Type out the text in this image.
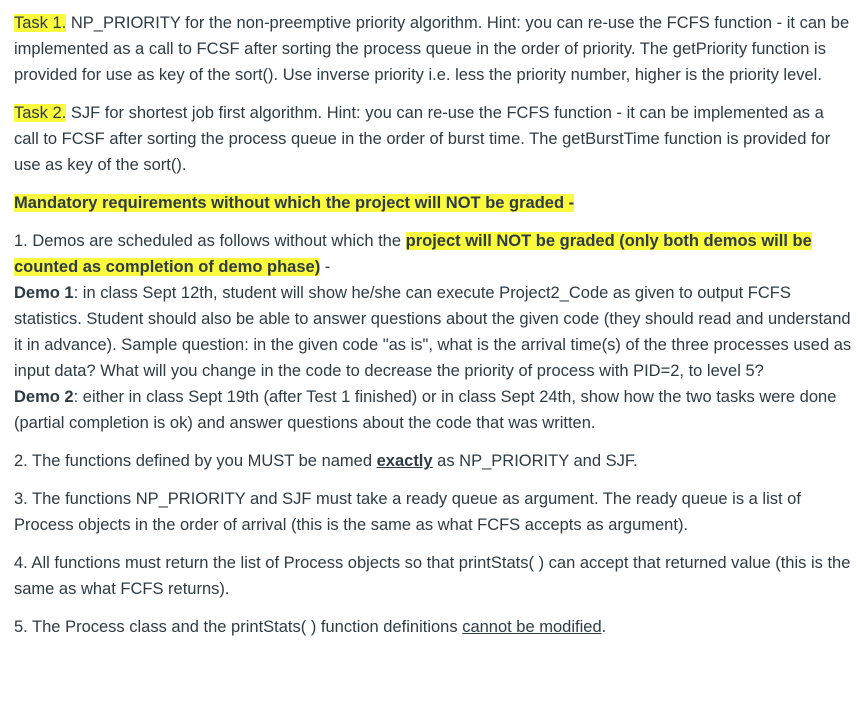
Task 1. NP_PRIORITY for the non-preemptive priority algorithm. Hint: you can re-use the FCFS function - it can be implemented as a call to FCSF after sorting the process queue in the order of priority. The getPriority function is provided for use as key of the sort(). Use inverse priority i.e. less the priority number, higher is the priority level.

Task 2. SJF for shortest job first algorithm. Hint: you can re-use the FCFS function - it can be implemented as a call to FCSF after sorting the process queue in the order of burst time. The getBurstTime function is provided for use as key of the sort().

Mandatory requirements without which the project will NOT be graded -

1. Demos are scheduled as follows without which the project will NOT be graded (only both demos will be counted as completion of demo phase) -

Demo 1: in class Sept 12th, student will show he/she can execute Project2_Code as given to output FCFS statistics. Student should also be able to answer questions about the given code (they should read and understand it in advance). Sample question: in the given code "as is", what is the arrival time(s) of the three processes used as input data? What will you change in the code to decrease the priority of process with PID=2, to level 5?

Demo 2: either in class Sept 19th (after Test 1 finished) or in class Sept 24th, show how the two tasks were done (partial completion is ok) and answer questions about the code that was written.

2. The functions defined by you MUST be named exactly as NP_PRIORITY and SJF.

3. The functions NP_PRIORITY and SJF must take a ready queue as argument. The ready queue is a list of Process objects in the order of arrival (this is the same as what FCFS accepts as argument).

4. All functions must return the list of Process objects so that printStats( ) can accept that returned value (this is the same as what FCFS returns).

5. The Process class and the printStats( ) function definitions cannot be modified.
